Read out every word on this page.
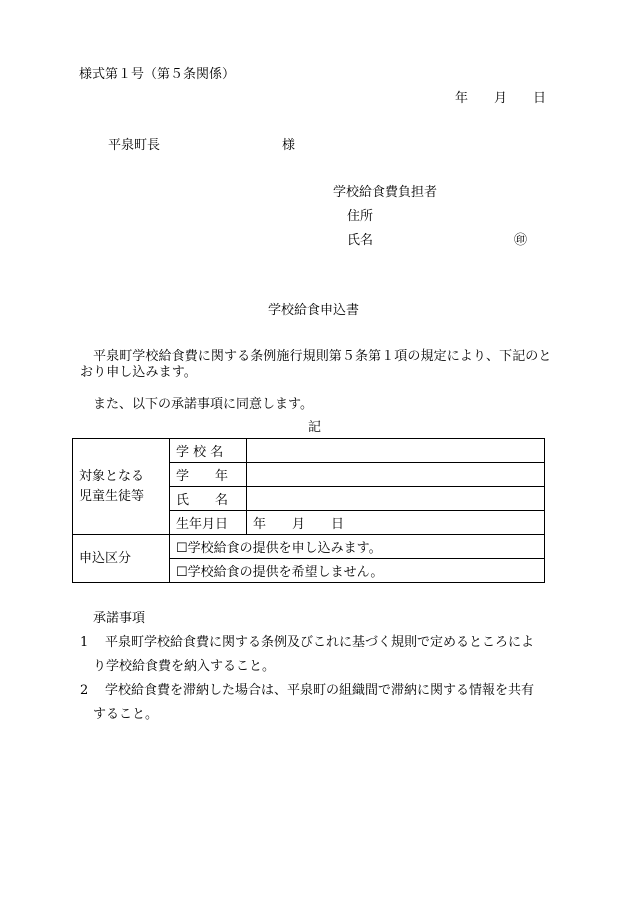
様式第１号（第５条関係）
年　　月　　日
平泉町長	様
学校給食費負担者
住所
氏名	㊞
学校給食申込書
平泉町学校給食費に関する条例施行規則第５条第１項の規定により、下記のとおり申し込みます。
また、以下の承諾事項に同意します。
記
対象となる
児童生徒等	学 校 名	
	学　　年	
	氏　　名	
	生年月日	年　　月　　日
申込区分	☐学校給食の提供を申し込みます。	
	☐学校給食の提供を希望しません。	
承諾事項
1 平泉町学校給食費に関する条例及びこれに基づく規則で定めるところによ
り学校給食費を納入すること。
2 学校給食費を滞納した場合は、平泉町の組織間で滞納に関する情報を共有
すること。
